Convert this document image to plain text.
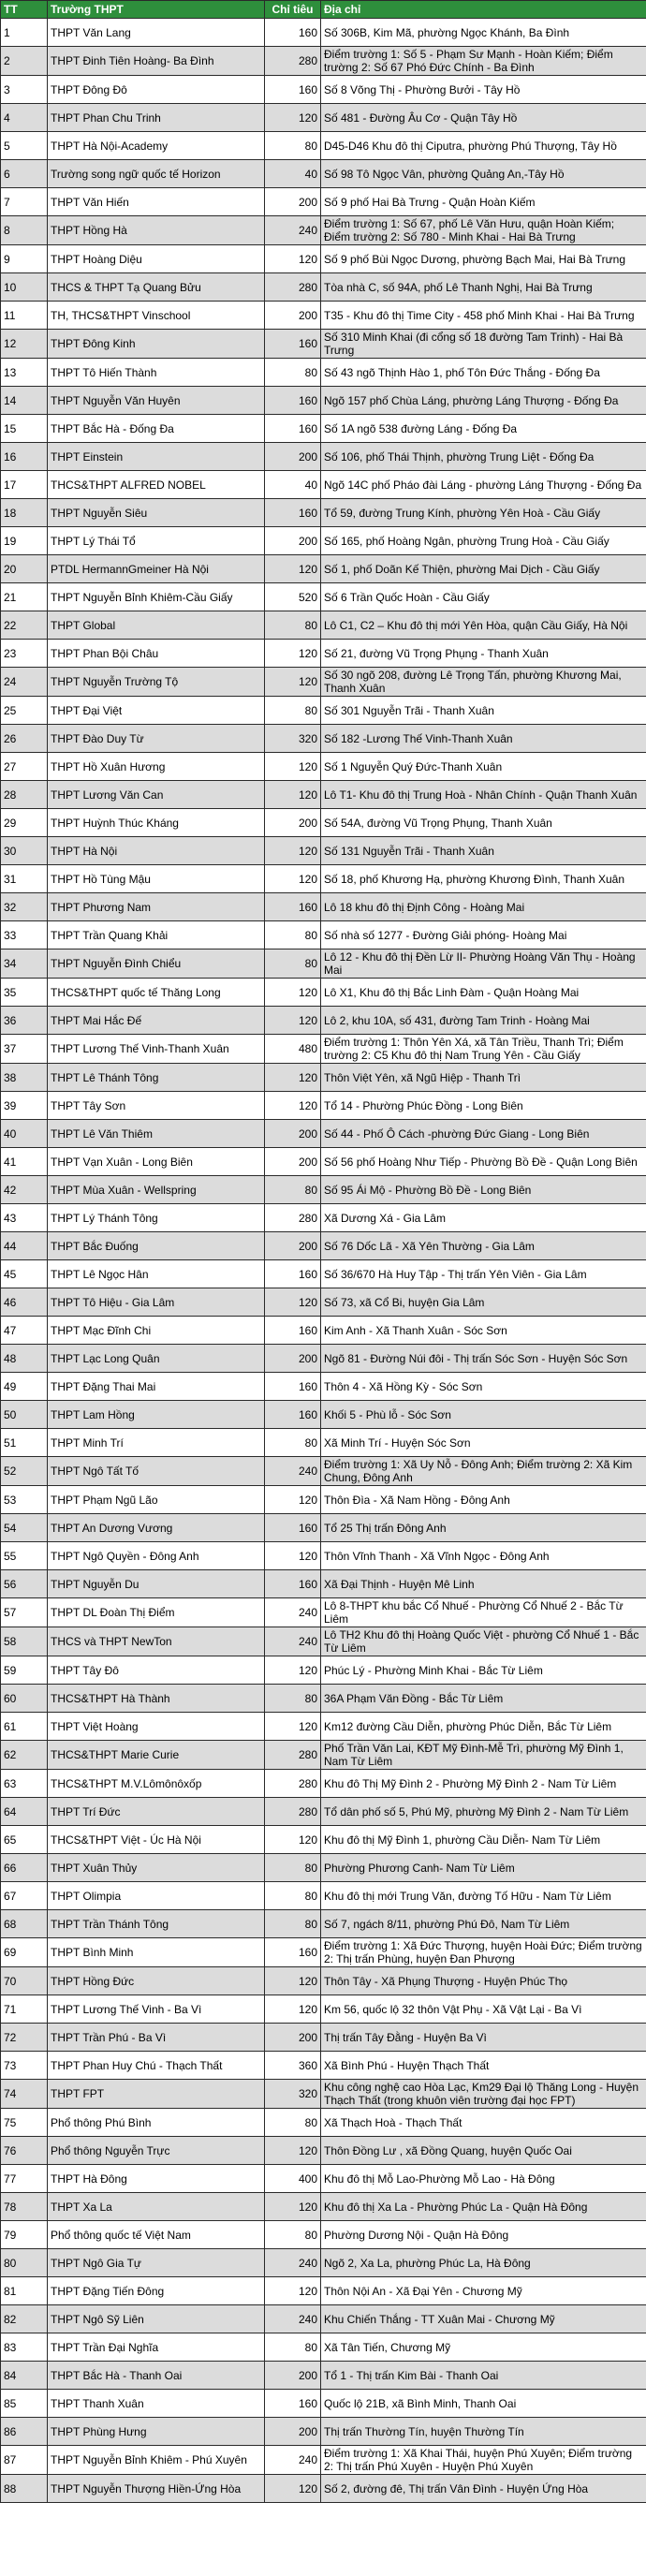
TT	Trường THPT	Chỉ tiêu	Địa chỉ
1	THPT Văn Lang	160	Số 306B, Kim Mã, phường Ngọc Khánh, Ba Đình
2	THPT Đinh Tiên Hoàng- Ba Đình	280	Điểm trường 1: Số 5 - Phạm Sư Mạnh - Hoàn Kiếm; Điểm trường 2: Số 67 Phó Đức Chính - Ba Đình
3	THPT Đông Đô	160	Số 8 Võng Thị - Phường Bưởi - Tây Hồ
4	THPT Phan Chu Trinh	120	Số 481 - Đường Âu Cơ - Quận Tây Hồ
5	THPT Hà Nội-Academy	80	D45-D46 Khu đô thị Ciputra, phường Phú Thượng, Tây Hồ
6	Trường song ngữ quốc tế Horizon	40	Số 98 Tô Ngọc Vân, phường Quảng An,-Tây Hồ
7	THPT Văn Hiến	200	Số 9 phố Hai Bà Trưng - Quận Hoàn Kiếm
8	THPT Hồng Hà	240	Điểm trường 1: Số 67, phố Lê Văn Hưu, quận Hoàn Kiếm; Điểm trường 2: Số 780 - Minh Khai - Hai Bà Trưng
9	THPT Hoàng Diệu	120	Số 9 phố Bùi Ngọc Dương, phường Bạch Mai, Hai Bà Trưng
10	THCS & THPT Tạ Quang Bửu	280	Tòa nhà C, số 94A, phố Lê Thanh Nghị, Hai Bà Trưng
11	TH, THCS&THPT Vinschool	200	T35 - Khu đô thị Time City - 458 phố Minh Khai - Hai Bà Trưng
12	THPT Đông Kinh	160	Số 310 Minh Khai (đi cổng số 18 đường Tam Trinh) - Hai Bà Trưng
13	THPT Tô Hiến Thành	80	Số 43 ngõ Thịnh Hào 1, phố Tôn Đức Thắng - Đống Đa
14	THPT Nguyễn Văn Huyên	160	Ngõ 157 phố Chùa Láng, phường Láng Thượng - Đống Đa
15	THPT Bắc Hà - Đống Đa	160	Số 1A ngõ 538 đường Láng - Đống Đa
16	THPT Einstein	200	Số 106, phố Thái Thịnh, phường Trung Liệt - Đống Đa
17	THCS&THPT ALFRED NOBEL	40	Ngõ 14C phố Pháo đài Láng - phường Láng Thượng - Đống Đa
18	THPT Nguyễn Siêu	160	Tổ 59, đường Trung Kính, phường Yên Hoà - Cầu Giấy
19	THPT Lý Thái Tổ	200	Số 165, phố Hoàng Ngân, phường Trung Hoà - Cầu Giấy
20	PTDL HermannGmeiner Hà Nội	120	Số 1, phố Doãn Kế Thiện, phường Mai Dịch - Cầu Giấy
21	THPT Nguyễn Bỉnh Khiêm-Cầu Giấy	520	Số 6 Trần Quốc Hoàn - Cầu Giấy
22	THPT Global	80	Lô C1, C2 – Khu đô thị mới Yên Hòa, quận Cầu Giấy, Hà Nội
23	THPT Phan Bội Châu	120	Số 21, đường Vũ Trọng Phụng - Thanh Xuân
24	THPT Nguyễn Trường Tộ	120	Số 30 ngõ 208, đường Lê Trọng Tấn, phường Khương Mai, Thanh Xuân
25	THPT Đại Việt	80	Số 301 Nguyễn Trãi - Thanh Xuân
26	THPT Đào Duy Từ	320	Số 182 -Lương Thế Vinh-Thanh Xuân
27	THPT Hồ Xuân Hương	120	Số 1 Nguyễn Quý Đức-Thanh Xuân
28	THPT Lương Văn Can	120	Lô T1- Khu đô thị Trung Hoà - Nhân Chính - Quận Thanh Xuân
29	THPT Huỳnh Thúc Kháng	200	Số 54A, đường Vũ Trọng Phụng, Thanh Xuân
30	THPT Hà Nội	120	Số 131 Nguyễn Trãi - Thanh Xuân
31	THPT Hồ Tùng Mậu	120	Số 18, phố Khương Hạ, phường Khương Đình, Thanh Xuân
32	THPT Phương Nam	160	Lô 18 khu đô thị Định Công - Hoàng Mai
33	THPT Trần Quang Khải	80	Số nhà số 1277 - Đường Giải phóng- Hoàng Mai
34	THPT Nguyễn Đình Chiểu	80	Lô 12 - Khu đô thị Đền Lừ II- Phường Hoàng Văn Thụ - Hoàng Mai
35	THCS&THPT quốc tế Thăng Long	120	Lô X1, Khu đô thị Bắc Linh Đàm - Quận Hoàng Mai
36	THPT Mai Hắc Đế	120	Lô 2, khu 10A, số 431, đường Tam Trinh - Hoàng Mai
37	THPT Lương Thế Vinh-Thanh Xuân	480	Điểm trường 1: Thôn Yên Xá, xã Tân Triều, Thanh Trì; Điểm trường 2: C5 Khu đô thị Nam Trung Yên - Cầu Giấy
38	THPT Lê Thánh Tông	120	Thôn Việt Yên, xã Ngũ Hiệp - Thanh Trì
39	THPT Tây Sơn	120	Tổ 14 - Phường Phúc Đồng - Long Biên
40	THPT Lê Văn Thiêm	200	Số 44 - Phố Ô Cách -phường Đức Giang - Long Biên
41	THPT Vạn Xuân - Long Biên	200	Số 56 phố Hoàng Như Tiếp - Phường Bồ Đề - Quận Long Biên
42	THPT Mùa Xuân - Wellspring	80	Số 95 Ái Mộ - Phường Bồ Đề - Long Biên
43	THPT Lý Thánh Tông	280	Xã Dương Xá - Gia Lâm
44	THPT Bắc Đuống	200	Số 76 Dốc Lã - Xã Yên Thường - Gia Lâm
45	THPT Lê Ngọc Hân	160	Số 36/670 Hà Huy Tập - Thị trấn Yên Viên - Gia Lâm
46	THPT Tô Hiệu - Gia Lâm	120	Số 73, xã Cổ Bi, huyện Gia Lâm
47	THPT Mạc Đĩnh Chi	160	Kim Anh - Xã Thanh Xuân - Sóc Sơn
48	THPT Lạc Long Quân	200	Ngõ 81 - Đường Núi đôi - Thị trấn Sóc Sơn - Huyện Sóc Sơn
49	THPT Đặng Thai Mai	160	Thôn 4 - Xã Hồng Kỳ - Sóc Sơn
50	THPT Lam Hồng	160	Khối 5 - Phù lỗ - Sóc Sơn
51	THPT Minh Trí	80	Xã Minh Trí - Huyện Sóc Sơn
52	THPT Ngô Tất Tố	240	Điểm trường 1: Xã Uy Nỗ - Đông Anh; Điểm trường 2: Xã Kim Chung, Đông Anh
53	THPT Phạm Ngũ Lão	120	Thôn Đìa - Xã Nam Hồng - Đông Anh
54	THPT An Dương Vương	160	Tổ 25 Thị trấn Đông Anh
55	THPT Ngô Quyền - Đông Anh	120	Thôn Vĩnh Thanh - Xã Vĩnh Ngọc - Đông Anh
56	THPT Nguyễn Du	160	Xã Đại Thịnh - Huyện Mê Linh
57	THPT DL Đoàn Thị Điểm	240	Lô 8-THPT khu bắc Cổ Nhuế - Phường Cổ Nhuế 2 - Bắc Từ Liêm
58	THCS và THPT NewTon	240	Lô TH2 Khu đô thị Hoàng Quốc Việt - phường Cổ Nhuế 1 - Bắc Từ Liêm
59	THPT Tây Đô	120	Phúc Lý - Phường Minh Khai - Bắc Từ Liêm
60	THCS&THPT Hà Thành	80	36A Phạm Văn Đồng - Bắc Từ Liêm
61	THPT Việt Hoàng	120	Km12 đường Cầu Diễn, phường Phúc Diễn, Bắc Từ Liêm
62	THCS&THPT Marie Curie	280	Phố Trần Văn Lai, KĐT Mỹ Đình-Mễ Trì, phường Mỹ Đình 1, Nam Từ Liêm
63	THCS&THPT M.V.Lômônôxốp	280	Khu đô Thị Mỹ Đình 2 - Phường Mỹ Đình 2 - Nam Từ Liêm
64	THPT Trí Đức	280	Tổ dân phố số 5, Phú Mỹ, phường Mỹ Đình 2 - Nam Từ Liêm
65	THCS&THPT Việt - Úc Hà Nội	120	Khu đô thị Mỹ Đình 1, phường Cầu Diễn- Nam Từ Liêm
66	THPT Xuân Thủy	80	Phường Phương Canh- Nam Từ Liêm
67	THPT Olimpia	80	Khu đô thị mới Trung Văn, đường Tố Hữu - Nam Từ Liêm
68	THPT Trần Thánh Tông	80	Số 7, ngách 8/11, phường Phú Đô, Nam Từ Liêm
69	THPT Bình Minh	160	Điểm trường 1: Xã Đức Thượng, huyện Hoài Đức; Điểm trường 2: Thị trấn Phùng, huyện Đan Phượng
70	THPT Hồng Đức	120	Thôn Tây - Xã Phụng Thượng - Huyện Phúc Thọ
71	THPT Lương Thế Vinh - Ba Vì	120	Km 56, quốc lộ 32 thôn Vật Phụ - Xã Vật Lại - Ba Vì
72	THPT Trần Phú - Ba Vì	200	Thị trấn Tây Đằng - Huyện Ba Vì
73	THPT Phan Huy Chú - Thạch Thất	360	Xã Bình Phú - Huyện Thạch Thất
74	THPT FPT	320	Khu công nghệ cao Hòa Lạc, Km29 Đại lộ Thăng Long - Huyện Thạch Thất (trong khuôn viên trường đại học FPT)
75	Phổ thông Phú Bình	80	Xã Thạch Hoà - Thạch Thất
76	Phổ thông Nguyễn Trực	120	Thôn Đồng Lư , xã Đồng Quang, huyện Quốc Oai
77	THPT Hà Đông	400	Khu đô thị Mỗ Lao-Phường Mỗ Lao - Hà Đông
78	THPT Xa La	120	Khu đô thị Xa La - Phường Phúc La - Quận Hà Đông
79	Phổ thông quốc tế Việt Nam	80	Phường Dương Nội - Quận Hà Đông
80	THPT Ngô Gia Tự	240	Ngõ 2, Xa La, phường Phúc La, Hà Đông
81	THPT Đặng Tiến Đông	120	Thôn Nội An - Xã Đại Yên - Chương Mỹ
82	THPT Ngô Sỹ Liên	240	Khu Chiến Thắng - TT Xuân Mai - Chương Mỹ
83	THPT Trần Đại Nghĩa	80	Xã Tân Tiến, Chương Mỹ
84	THPT Bắc Hà - Thanh Oai	200	Tổ 1 - Thị trấn Kim Bài - Thanh Oai
85	THPT Thanh Xuân	160	Quốc lộ 21B, xã Bình Minh, Thanh Oai
86	THPT Phùng Hưng	200	Thị trấn Thường Tín, huyện Thường Tín
87	THPT Nguyễn Bỉnh Khiêm - Phú Xuyên	240	Điểm trường 1: Xã Khai Thái, huyện Phú Xuyên; Điểm trường 2: Thị trấn Phú Xuyên - Huyện Phú Xuyên
88	THPT Nguyễn Thượng Hiền-Ứng Hòa	120	Số 2, đường đê, Thị trấn Vân Đình - Huyện Ứng Hòa
